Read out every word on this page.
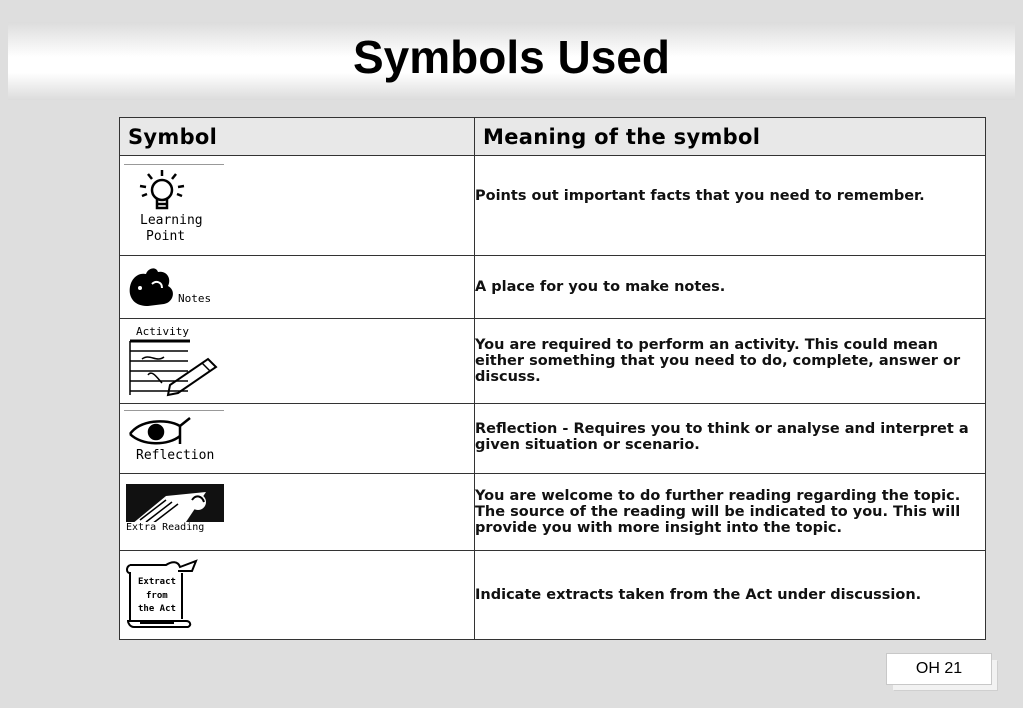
Symbols Used
Symbol	Meaning of the symbol

Learning
Point	Points out important facts that you need to remember.

Notes	A place for you to make notes.

Activity	You are required to perform an activity. This could mean either something that you need to do, complete, answer or discuss.

Reflection	Reflection - Requires you to think or analyse and interpret a given situation or scenario.

Extra Reading	You are welcome to do further reading regarding the topic. The source of the reading will be indicated to you. This will provide you with more insight into the topic.

Extract
from
the Act	Indicate extracts taken from the Act under discussion.
OH 21
